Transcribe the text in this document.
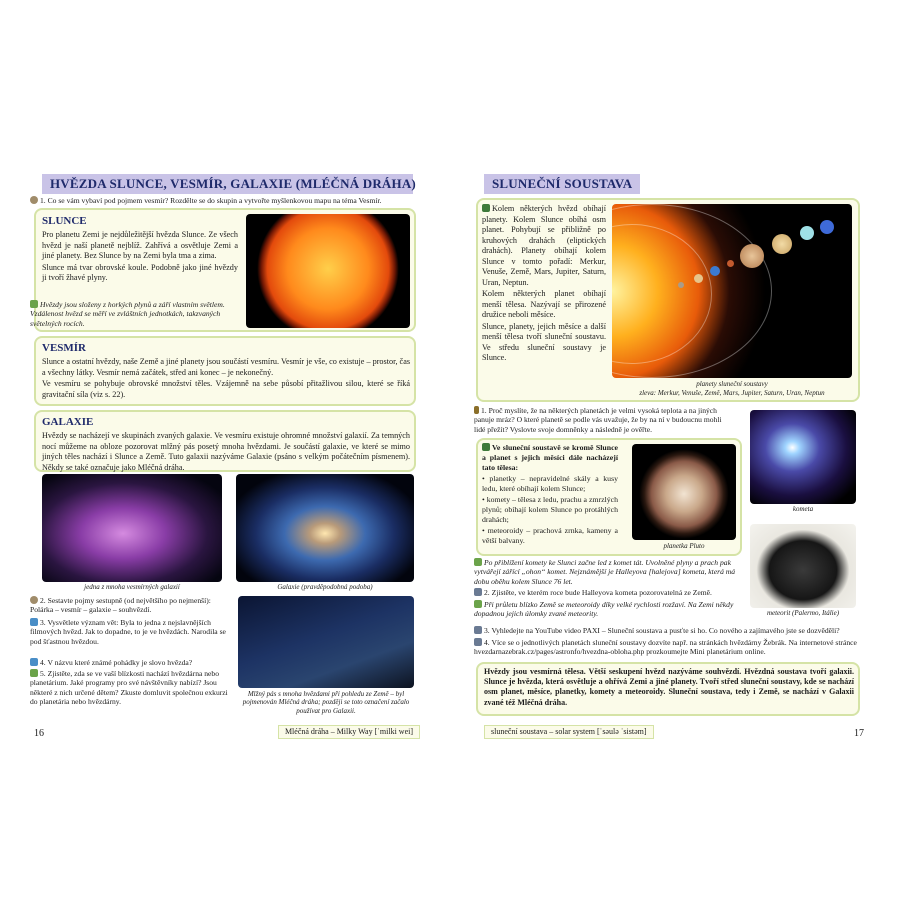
HVĚZDA SLUNCE, VESMÍR, GALAXIE (MLÉČNÁ DRÁHA)
1. Co se vám vybaví pod pojmem vesmír? Rozdělte se do skupin a vytvořte myšlenkovou mapu na téma Vesmír.
SLUNCE

Pro planetu Zemi je nejdůležitější hvězda Slunce. Ze všech hvězd je naší planetě nejblíž. Zahřívá a osvětluje Zemi a jiné planety. Bez Slunce by na Zemi byla tma a zima.

Slunce má tvar obrovské koule. Podobně jako jiné hvězdy ji tvoří žhavé plyny.

Hvězdy jsou složeny z horkých plynů a září vlastním světlem. Vzdálenost hvězd se měří ve zvláštních jednotkách, takzvaných světelných rocích.
VESMÍR

Slunce a ostatní hvězdy, naše Země a jiné planety jsou součástí vesmíru. Vesmír je vše, co existuje – prostor, čas a všechny látky. Vesmír nemá začátek, střed ani konec – je nekonečný.

Ve vesmíru se pohybuje obrovské množství těles. Vzájemně na sebe působí přitažlivou silou, které se říká gravitační síla (viz s. 22).

GALAXIE

Hvězdy se nacházejí ve skupinách zvaných galaxie. Ve vesmíru existuje ohromné množství galaxií. Za temných nocí můžeme na obloze pozorovat mlžný pás posetý mnoha hvězdami. Je součástí galaxie, ve které se mimo jiných těles nachází i Slunce a Země. Tuto galaxii nazýváme Galaxie (psáno s velkým počátečním písmenem). Někdy se také označuje jako Mléčná dráha.

jedna z mnoha vesmírných galaxií	Galaxie (pravděpodobná podoba)
2. Sestavte pojmy sestupně (od největšího po nejmenší): Polárka – vesmír – galaxie – souhvězdí.
3. Vysvětlete význam vět: Byla to jedna z nejslavnějších filmových hvězd. Jak to dopadne, to je ve hvězdách. Narodila se pod šťastnou hvězdou.
4. V názvu které známé pohádky je slovo hvězda?
5. Zjistěte, zda se ve vaší blízkosti nachází hvězdárna nebo planetárium. Jaké programy pro své návštěvníky nabízí? Jsou některé z nich určené dětem? Zkuste domluvit společnou exkurzi do planetária nebo hvězdárny.
Mlžný pás s mnoha hvězdami při pohledu ze Země – byl pojmenován Mléčná dráha; později se toto označení začalo používat pro Galaxii.
16	Mléčná dráha – Milky Way [ˈmilki wei]
SLUNEČNÍ SOUSTAVA

Kolem některých hvězd obíhají planety. Kolem Slunce obíhá osm planet. Pohybují se přibližně po kruhových drahách (eliptických drahách). Planety obíhají kolem Slunce v tomto pořadí: Merkur, Venuše, Země, Mars, Jupiter, Saturn, Uran, Neptun.

Kolem některých planet obíhají menší tělesa. Nazývají se přirozené družice neboli měsíce.

Slunce, planety, jejich měsíce a další menší tělesa tvoří sluneční soustavu. Ve středu sluneční soustavy je Slunce.

planety sluneční soustavy
zleva: Merkur, Venuše, Země, Mars, Jupiter, Saturn, Uran, Neptun
1. Proč myslíte, že na některých planetách je velmi vysoká teplota a na jiných panuje mráz? O které planetě se podle vás uvažuje, že by na ní v budoucnu mohli lidé přežít? Vyslovte svoje domněnky a následně je ověřte.

Ve sluneční soustavě se kromě Slunce a planet s jejich měsíci dále nacházejí tato tělesa:

• planetky – nepravidelné skály a kusy ledu, které obíhají kolem Slunce;

• komety – tělesa z ledu, prachu a zmrzlých plynů; obíhají kolem Slunce po protáhlých drahách;

• meteoroidy – prachová zrnka, kameny a větší balvany.

planetka Pluto
kometa
meteorit (Palermo, Itálie)
Po přiblížení komety ke Slunci začne led z komet tát. Uvolněné plyny a prach pak vytvářejí zářící „ohon“ komet. Nejznámější je Halleyova [halejova] kometa, která má dobu oběhu kolem Slunce 76 let.
2. Zjistěte, ve kterém roce bude Halleyova kometa pozorovatelná ze Země.
Při průletu blízko Země se meteoroidy díky velké rychlosti rozžaví. Na Zemi někdy dopadnou jejich úlomky zvané meteority.
3. Vyhledejte na YouTube video PAXI – Sluneční soustava a pusťte si ho. Co nového a zajímavého jste se dozvěděli?
4. Více se o jednotlivých planetách sluneční soustavy dozvíte např. na stránkách hvězdárny Žebrák. Na internetové stránce hvezdarnazebrak.cz/pages/astronfo/hvezdna-obloha.php prozkoumejte Mini planetárium online.

Hvězdy jsou vesmírná tělesa. Větší seskupení hvězd nazýváme souhvězdí. Hvězdná soustava tvoří galaxii. Slunce je hvězda, která osvětluje a ohřívá Zemi a jiné planety. Tvoří střed sluneční soustavy, kde se nachází osm planet, měsíce, planetky, komety a meteoroidy. Sluneční soustava, tedy i Země, se nachází v Galaxii zvané též Mléčná dráha.

sluneční soustava – solar system [ˈsəulə ˈsistəm]	17
